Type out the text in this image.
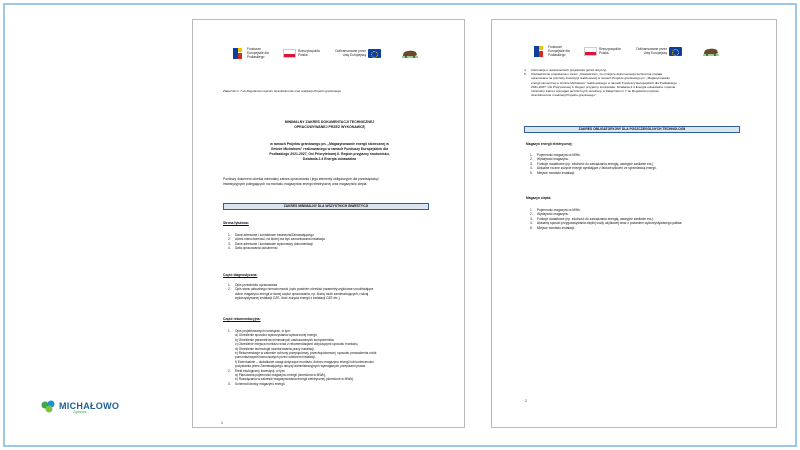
Fundusze Europejskie dla Podlaskiego
Rzeczpospolita Polska
Dofinansowane przez Unię Europejską
Załącznik nr 7 do Regulaminu wyboru Grantobiorców oraz realizacji Projektu grantowego
MINIMALNY ZAKRES DOKUMENTACJI TECHNICZNEJ
OPRACOWYWANEJ PRZEZ WYKONAWCĘ
w ramach Projektu grantowego pn. „Magazynowanie energii słonecznej w
Gminie Michałowo” realizowanego w ramach Funduszy Europejskich dla
Podlaskiego 2021-2027, Osi Priorytetowej II. Region przyjazny środowisku,
Działania 2.4 Energia odnawialna
Poniższy dokument określa minimalny zakres opracowania i jego elementy obligatoryjne dla przedsięwzięć
inwestycyjnych polegających na montażu magazynów energii elektrycznej oraz magazynów ciepła.
ZAKRES MINIMALNY DLA WSZYSTKICH INWESTYCJI
Strona tytułowa:
1.	Dane adresowe i kontaktowe Inwestora/Zamawiającego
2.	Adres nieruchomości, na której ma być zamontowana instalacja
3.	Dane adresowe i kontaktowe wykonawcy dokumentacji
4.	Data opracowania dokumentu
Część diagnostyczna:
1.	Opis przedmiotu opracowania
2.	Opis stanu aktualnego nieruchomości (opis powinien określać parametry wyjściowe umożliwiające
dobór magazynu energii w danej części opracowania, np. liczbę osób zamieszkujących, rodzaj
wykorzystywanej instalacji OZE, ilość zużycia energii z instalacji OZE etc.)
Część rekomendacyjna:
1.	Opis projektowanych rozwiązań, w tym:
a) Określenie sposobu wykorzystania wytworzonej energii,
b) Określenie parametrów minimalnych zastosowanych komponentów,
c) Określenie miejsca montażu wraz z rekomendacjami dotyczącymi sposobu montażu,
d) Określenie technologii monitorowania pracy instalacji,
e) Rekomendacje w zakresie ochrony przepięciowej, przeciwpożarowej, sposobu prowadzenia robót
pomontażowych/rozruchowych przed odbiorem instalacji,
f) Ewentualnie – dodatkowe uwagi dotyczące montażu, doboru magazynu energii lub konieczności
pozyskania przez Zamawiającego decyzji administracyjnych wymaganych przepisami prawa.
2.	Efekt ekologiczny inwestycji, w tym:
a) Planowana pojemność magazynu energii (określona w MWh),
b) Rozwiązania w zakresie magazynowania energii elektrycznej (określone w MWh).
3.	Schemat ideowy magazynu energii.
1
Fundusze Europejskie dla Podlaskiego
Rzeczpospolita Polska
Dofinansowane przez Unię Europejską
4.	Informacja o uprawnieniach projektanta (jeżeli dotyczy).
5.	Oświadczenie projektanta o treści: „Oświadczam, że niniejsze dokumentacja techniczna została
opracowana na potrzeby inwestycji realizowanej w ramach Projektu grantowego pn. „Magazynowanie
energii słonecznej w Gminie Michałowo” realizowanego w ramach Funduszy Europejskich dla Podlaskiego
2021-2027, Osi Priorytetowej II. Region przyjazny środowisku, Działania 2.4 Energia odnawialna i spełnia
minimalny zakres wymagań technicznych określony w Załączniku nr 7 do Regulaminu wyboru
Grantobiorców i realizacji Projektu grantowego”.
ZAKRES OBLIGATORYJNY DLA POSZCZEGÓLNYCH TECHNOLOGII
Magazyn energii elektrycznej:
1.	Pojemność magazynu w MWh.
2.	Wydajność magazynu.
3.	Funkcje dodatkowe (np. zdolność do zarządzania energią, awaryjne zasilanie etc.).
4.	Aktualne roczne zużycie energii wynikające z faktur/rozliczeń ze sprzedawcą energii.
5.	Miejsce montażu instalacji.
Magazyn ciepła:
1.	Pojemność magazynu w MWh.
2.	Wydajność magazynu.
3.	Funkcje dodatkowe (np. zdolność do zarządzania energią, awaryjne zasilanie etc.).
4.	Aktualny sposób przygotowywania ciepłej wody użytkowej wraz z podaniem wykorzystywanego paliwa.
5.	Miejsce montażu instalacji.
2
MICHAŁOWO
Zaprasza...
